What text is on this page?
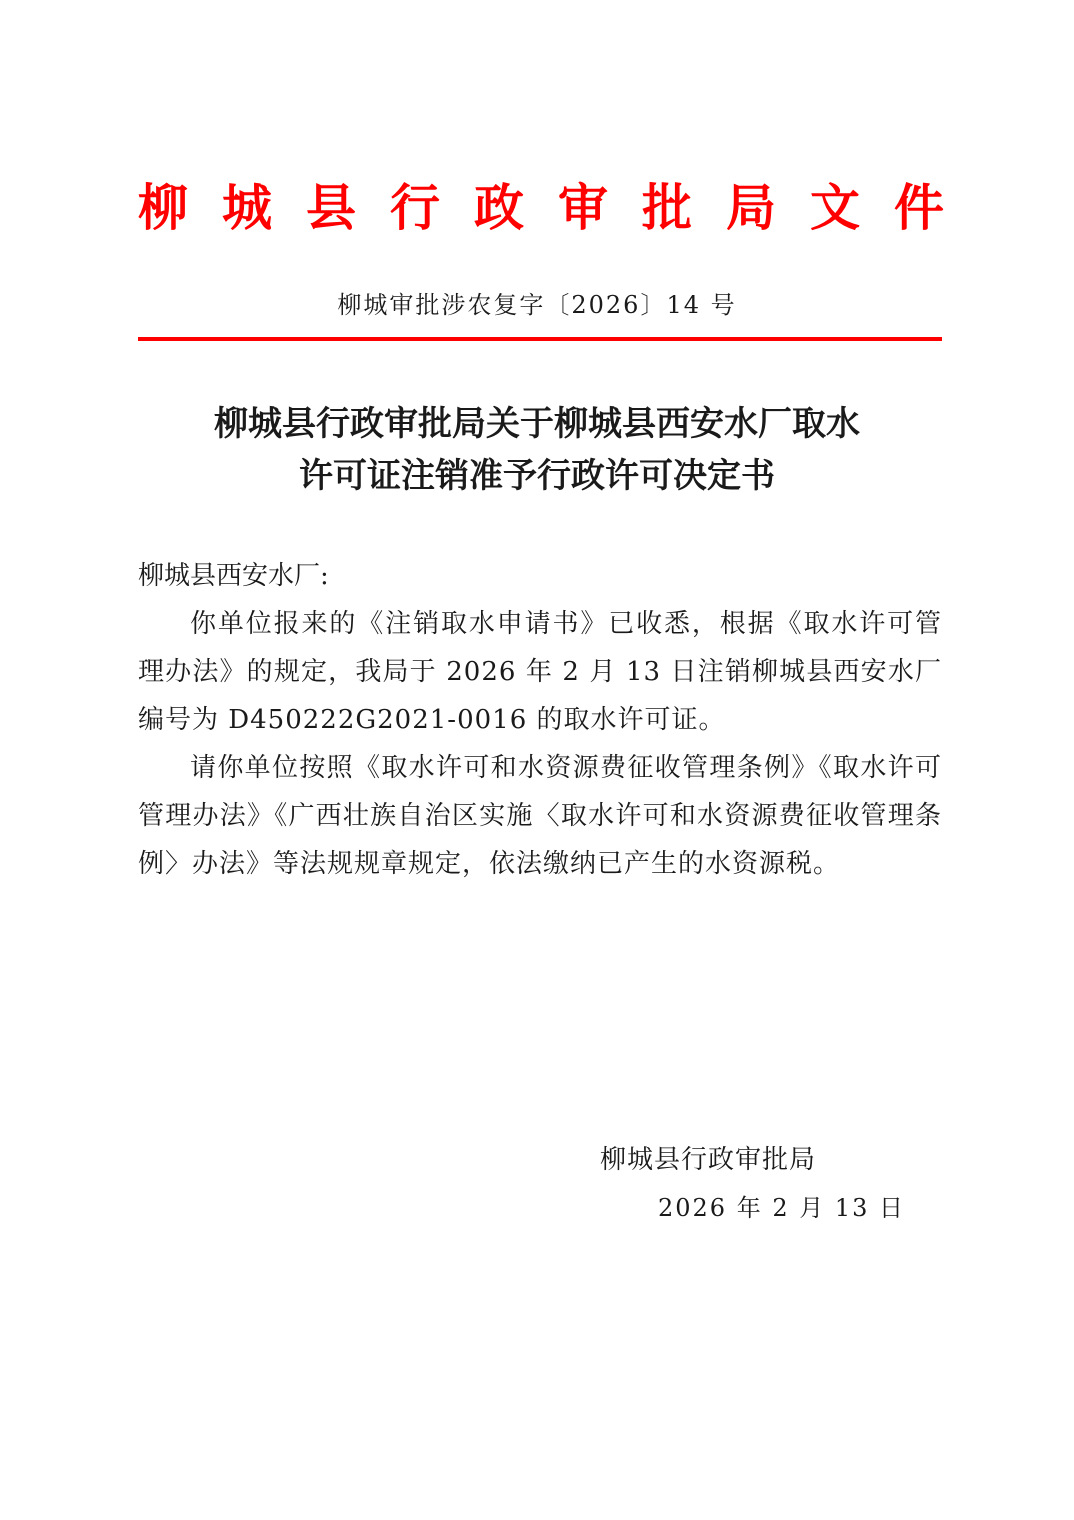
柳 城 县 行 政 审 批 局 文 件
柳城审批涉农复字〔2026〕14 号
柳城县行政审批局关于柳城县西安水厂取水
许可证注销准予行政许可决定书
柳城县西安水厂:
你单位报来的《注销取水申请书》已收悉，根据《取水许可管理办法》的规定，我局于 2026 年 2 月 13 日注销柳城县西安水厂编号为 D450222G2021-0016 的取水许可证。
请你单位按照《取水许可和水资源费征收管理条例》《取水许可管理办法》《广西壮族自治区实施〈取水许可和水资源费征收管理条例〉办法》等法规规章规定，依法缴纳已产生的水资源税。
柳城县行政审批局
2026 年 2 月 13 日
